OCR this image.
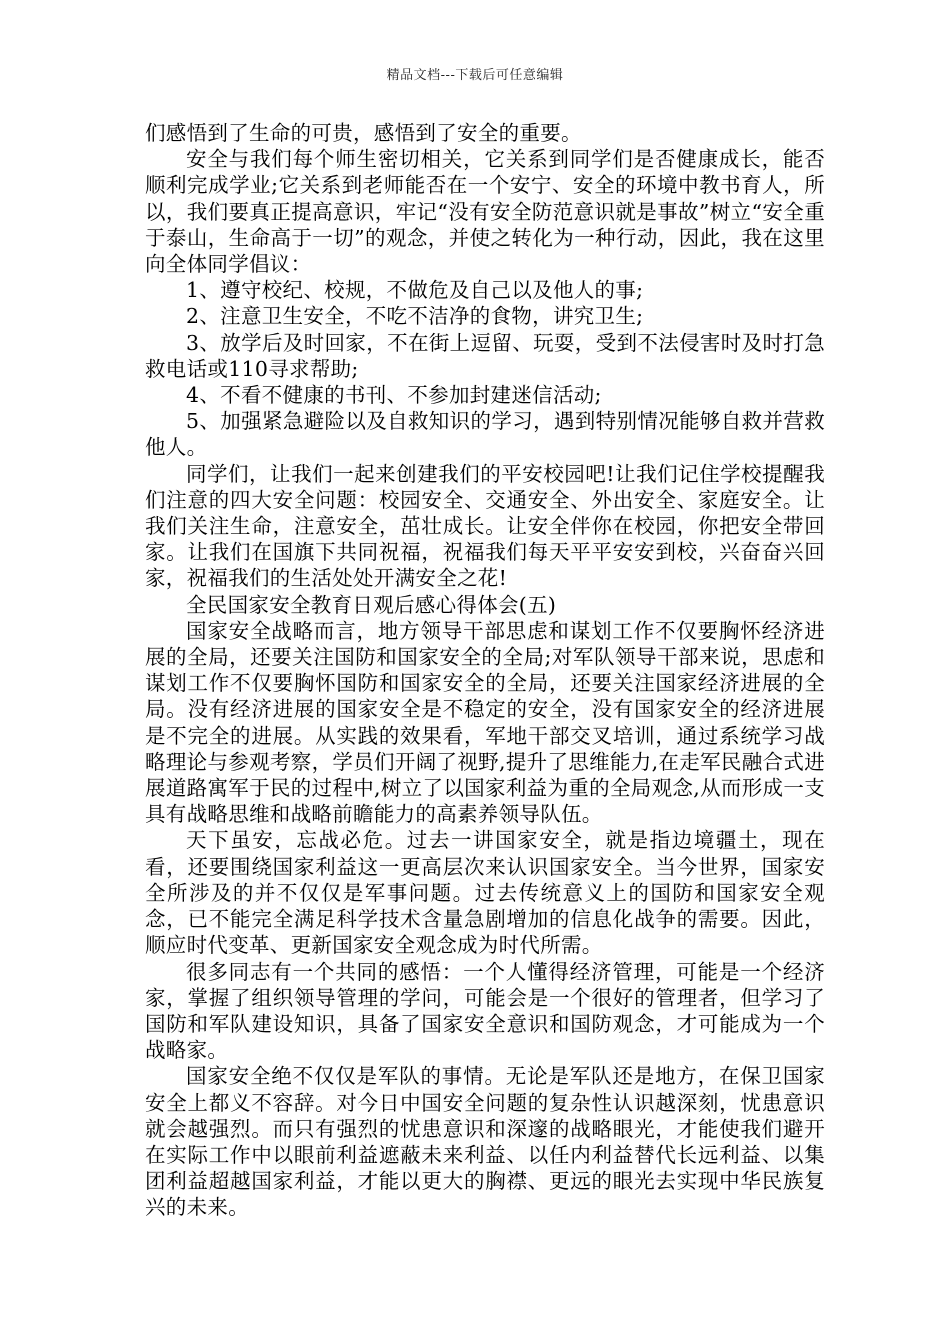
精品文档---下载后可任意编辑

们感悟到了生命的可贵，感悟到了安全的重要。

安全与我们每个师生密切相关，它关系到同学们是否健康成长，能否顺利完成学业;它关系到老师能否在一个安宁、安全的环境中教书育人，所以，我们要真正提高意识，牢记“没有安全防范意识就是事故”树立“安全重于泰山，生命高于一切”的观念，并使之转化为一种行动，因此，我在这里向全体同学倡议：

1、遵守校纪、校规，不做危及自己以及他人的事;

2、注意卫生安全，不吃不洁净的食物，讲究卫生;

3、放学后及时回家，不在街上逗留、玩耍，受到不法侵害时及时打急救电话或110寻求帮助;

4、不看不健康的书刊、不参加封建迷信活动;

5、加强紧急避险以及自救知识的学习，遇到特别情况能够自救并营救他人。

同学们，让我们一起来创建我们的平安校园吧!让我们记住学校提醒我们注意的四大安全问题：校园安全、交通安全、外出安全、家庭安全。让我们关注生命，注意安全，茁壮成长。让安全伴你在校园，你把安全带回家。让我们在国旗下共同祝福，祝福我们每天平平安安到校，兴奋奋兴回家，祝福我们的生活处处开满安全之花!

全民国家安全教育日观后感心得体会(五)

国家安全战略而言，地方领导干部思虑和谋划工作不仅要胸怀经济进展的全局，还要关注国防和国家安全的全局;对军队领导干部来说，思虑和谋划工作不仅要胸怀国防和国家安全的全局，还要关注国家经济进展的全局。没有经济进展的国家安全是不稳定的安全，没有国家安全的经济进展是不完全的进展。从实践的效果看，军地干部交叉培训，通过系统学习战略理论与参观考察，学员们开阔了视野,提升了思维能力,在走军民融合式进展道路寓军于民的过程中,树立了以国家利益为重的全局观念,从而形成一支具有战略思维和战略前瞻能力的高素养领导队伍。

天下虽安，忘战必危。过去一讲国家安全，就是指边境疆土，现在看，还要围绕国家利益这一更高层次来认识国家安全。当今世界，国家安全所涉及的并不仅仅是军事问题。过去传统意义上的国防和国家安全观念，已不能完全满足科学技术含量急剧增加的信息化战争的需要。因此，顺应时代变革、更新国家安全观念成为时代所需。

很多同志有一个共同的感悟：一个人懂得经济管理，可能是一个经济家，掌握了组织领导管理的学问，可能会是一个很好的管理者，但学习了国防和军队建设知识，具备了国家安全意识和国防观念，才可能成为一个战略家。

国家安全绝不仅仅是军队的事情。无论是军队还是地方，在保卫国家安全上都义不容辞。对今日中国安全问题的复杂性认识越深刻，忧患意识就会越强烈。而只有强烈的忧患意识和深邃的战略眼光，才能使我们避开在实际工作中以眼前利益遮蔽未来利益、以任内利益替代长远利益、以集团利益超越国家利益，才能以更大的胸襟、更远的眼光去实现中华民族复兴的未来。
